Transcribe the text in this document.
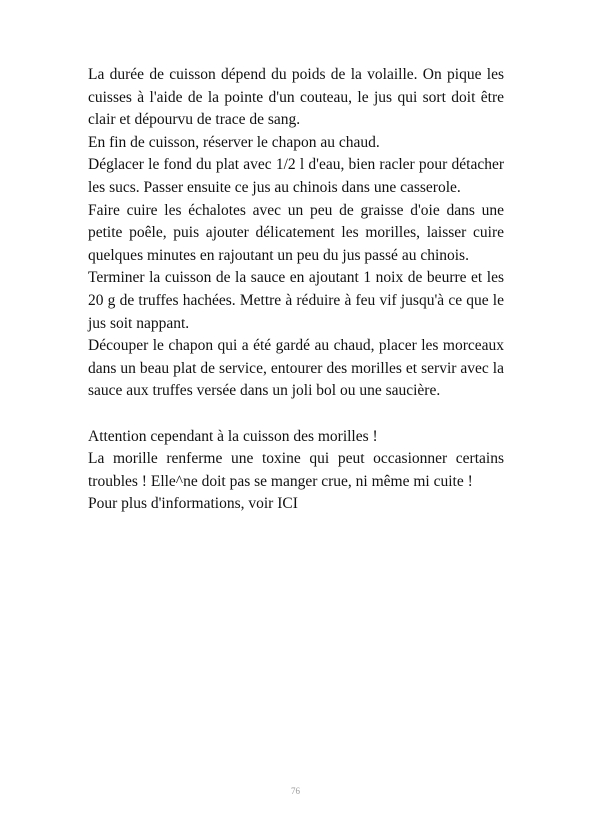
La durée de cuisson dépend du poids de la volaille. On pique les cuisses à l'aide de la pointe d'un couteau, le jus qui sort doit être clair et dépourvu de trace de sang.

En fin de cuisson, réserver le chapon au chaud.

Déglacer le fond du plat avec 1/2 l d'eau, bien racler pour détacher les sucs. Passer ensuite ce jus au chinois dans une casserole.

Faire cuire les échalotes avec un peu de graisse d'oie dans une petite poêle, puis ajouter délicatement les morilles, laisser cuire quelques minutes en rajoutant un peu du jus passé au chinois.

Terminer la cuisson de la sauce en ajoutant 1 noix de beurre et les 20 g de truffes hachées. Mettre à réduire à feu vif jusqu'à ce que le jus soit nappant.

Découper le chapon qui a été gardé au chaud, placer les morceaux dans un beau plat de service, entourer des morilles et servir avec la sauce aux truffes versée dans un joli bol ou une saucière.

Attention cependant à la cuisson des morilles !

La morille renferme une toxine qui peut occasionner certains troubles ! Elle^ne doit pas se manger crue, ni même mi cuite !

Pour plus d'informations, voir ICI

76
